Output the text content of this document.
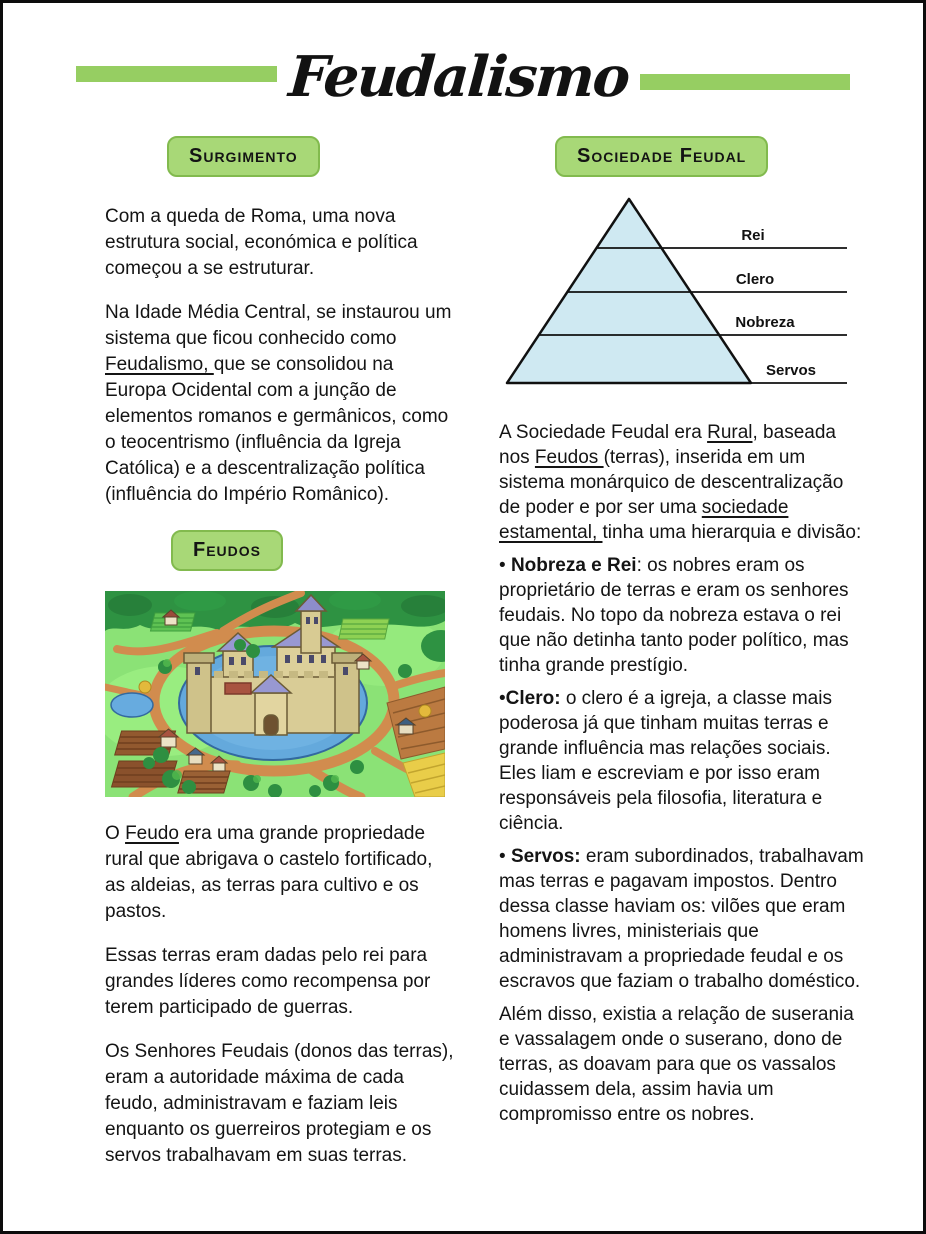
Feudalismo
Surgimento

Com a queda de Roma, uma nova estrutura social, económica e política começou a se estruturar.

Na Idade Média Central, se instaurou um sistema que ficou conhecido como Feudalismo, que se consolidou na Europa Ocidental com a junção de elementos romanos e germânicos, como o teocentrismo (influência da Igreja Católica) e a descentralização política (influência do Império Românico).

Feudos

O Feudo era uma grande propriedade rural que abrigava o castelo fortificado, as aldeias, as terras para cultivo e os pastos.

Essas terras eram dadas pelo rei para grandes líderes como recompensa por terem participado de guerras.

Os Senhores Feudais (donos das terras), eram a autoridade máxima de cada feudo, administravam e faziam leis enquanto os guerreiros protegiam e os servos trabalhavam em suas terras.

Sociedade Feudal
Rei
Clero
Nobreza
Servos

A Sociedade Feudal era Rural, baseada nos Feudos (terras), inserida em um sistema monárquico de descentralização de poder e por ser uma sociedade estamental, tinha uma hierarquia e divisão:

• Nobreza e Rei: os nobres eram os proprietário de terras e eram os senhores feudais. No topo da nobreza estava o rei que não detinha tanto poder político, mas tinha grande prestígio.

•Clero: o clero é a igreja, a classe mais poderosa já que tinham muitas terras e grande influência mas relações sociais. Eles liam e escreviam e por isso eram responsáveis pela filosofia, literatura e ciência.

• Servos: eram subordinados, trabalhavam mas terras e pagavam impostos. Dentro dessa classe haviam os: vilões que eram homens livres, ministeriais que administravam a propriedade feudal e os escravos que faziam o trabalho doméstico.

Além disso, existia a relação de suserania e vassalagem onde o suserano, dono de terras, as doavam para que os vassalos cuidassem dela, assim havia um compromisso entre os nobres.
